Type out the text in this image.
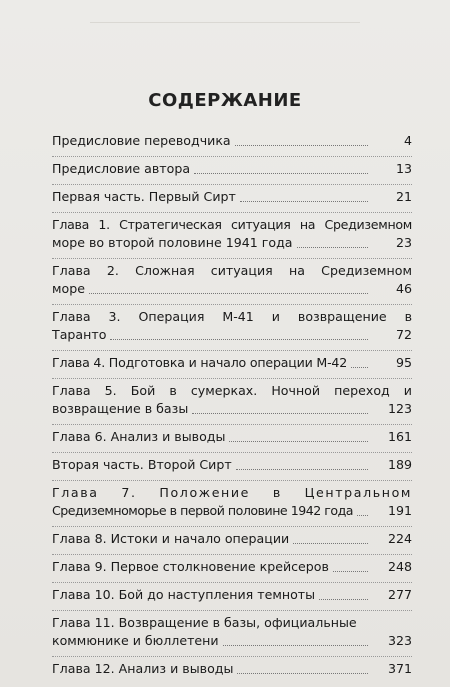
СОДЕРЖАНИЕ
Предисловие переводчика	4
Предисловие автора	13
Первая часть. Первый Сирт	21
Глава 1. Стратегическая ситуация на Средиземном
море во второй половине 1941 года	23
Глава 2. Сложная ситуация на Средиземном
море	46
Глава 3. Операция М-41 и возвращение в
Таранто	72
Глава 4. Подготовка и начало операции М-42	95
Глава 5. Бой в сумерках. Ночной переход и
возвращение в базы	123
Глава 6. Анализ и выводы	161
Вторая часть. Второй Сирт	189
Глава 7. Положение в Центральном
Средиземноморье в первой половине 1942 года	191
Глава 8. Истоки и начало операции	224
Глава 9. Первое столкновение крейсеров	248
Глава 10. Бой до наступления темноты	277
Глава 11. Возвращение в базы, официальные
коммюнике и бюллетени	323
Глава 12. Анализ и выводы	371
